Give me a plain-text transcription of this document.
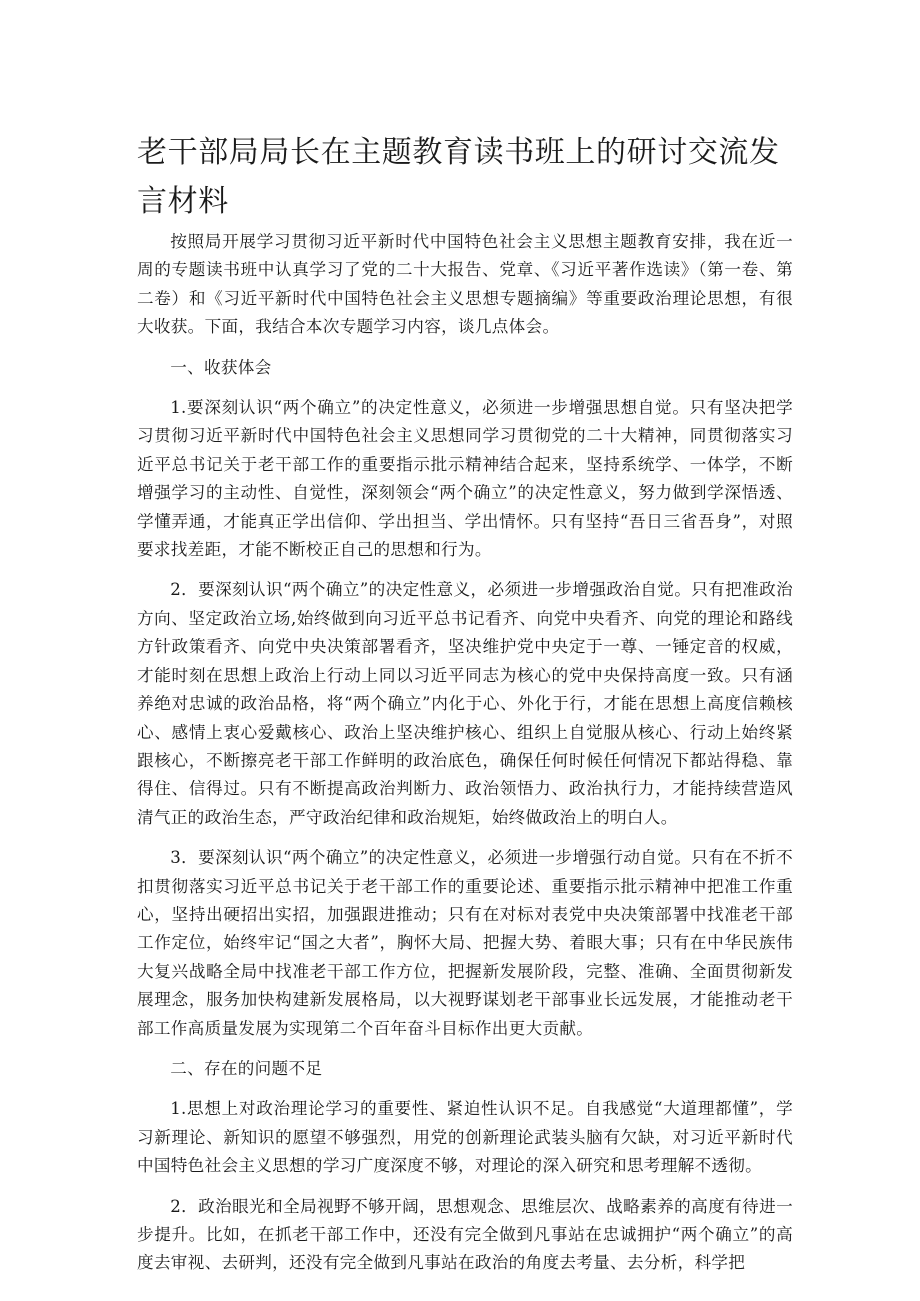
老干部局局长在主题教育读书班上的研讨交流发言材料

按照局开展学习贯彻习近平新时代中国特色社会主义思想主题教育安排，我在近一周的专题读书班中认真学习了党的二十大报告、党章、《习近平著作选读》（第一卷、第二卷）和《习近平新时代中国特色社会主义思想专题摘编》等重要政治理论思想，有很大收获。下面，我结合本次专题学习内容，谈几点体会。

一、收获体会

1.要深刻认识“两个确立”的决定性意义，必须进一步增强思想自觉。只有坚决把学习贯彻习近平新时代中国特色社会主义思想同学习贯彻党的二十大精神，同贯彻落实习近平总书记关于老干部工作的重要指示批示精神结合起来，坚持系统学、一体学，不断增强学习的主动性、自觉性，深刻领会“两个确立”的决定性意义，努力做到学深悟透、学懂弄通，才能真正学出信仰、学出担当、学出情怀。只有坚持“吾日三省吾身”，对照要求找差距，才能不断校正自己的思想和行为。

2．要深刻认识“两个确立”的决定性意义，必须进一步增强政治自觉。只有把准政治方向、坚定政治立场,始终做到向习近平总书记看齐、向党中央看齐、向党的理论和路线方针政策看齐、向党中央决策部署看齐，坚决维护党中央定于一尊、一锤定音的权威，才能时刻在思想上政治上行动上同以习近平同志为核心的党中央保持高度一致。只有涵养绝对忠诚的政治品格，将“两个确立”内化于心、外化于行，才能在思想上高度信赖核心、感情上衷心爱戴核心、政治上坚决维护核心、组织上自觉服从核心、行动上始终紧跟核心，不断擦亮老干部工作鲜明的政治底色，确保任何时候任何情况下都站得稳、靠得住、信得过。只有不断提高政治判断力、政治领悟力、政治执行力，才能持续营造风清气正的政治生态，严守政治纪律和政治规矩，始终做政治上的明白人。

3．要深刻认识“两个确立”的决定性意义，必须进一步增强行动自觉。只有在不折不扣贯彻落实习近平总书记关于老干部工作的重要论述、重要指示批示精神中把准工作重心，坚持出硬招出实招，加强跟进推动；只有在对标对表党中央决策部署中找准老干部工作定位，始终牢记“国之大者”，胸怀大局、把握大势、着眼大事；只有在中华民族伟大复兴战略全局中找准老干部工作方位，把握新发展阶段，完整、准确、全面贯彻新发展理念，服务加快构建新发展格局，以大视野谋划老干部事业长远发展，才能推动老干部工作高质量发展为实现第二个百年奋斗目标作出更大贡献。

二、存在的问题不足

1.思想上对政治理论学习的重要性、紧迫性认识不足。自我感觉“大道理都懂”，学习新理论、新知识的愿望不够强烈，用党的创新理论武装头脑有欠缺，对习近平新时代中国特色社会主义思想的学习广度深度不够，对理论的深入研究和思考理解不透彻。

2．政治眼光和全局视野不够开阔，思想观念、思维层次、战略素养的高度有待进一步提升。比如，在抓老干部工作中，还没有完全做到凡事站在忠诚拥护“两个确立”的高度去审视、去研判，还没有完全做到凡事站在政治的角度去考量、去分析，科学把
